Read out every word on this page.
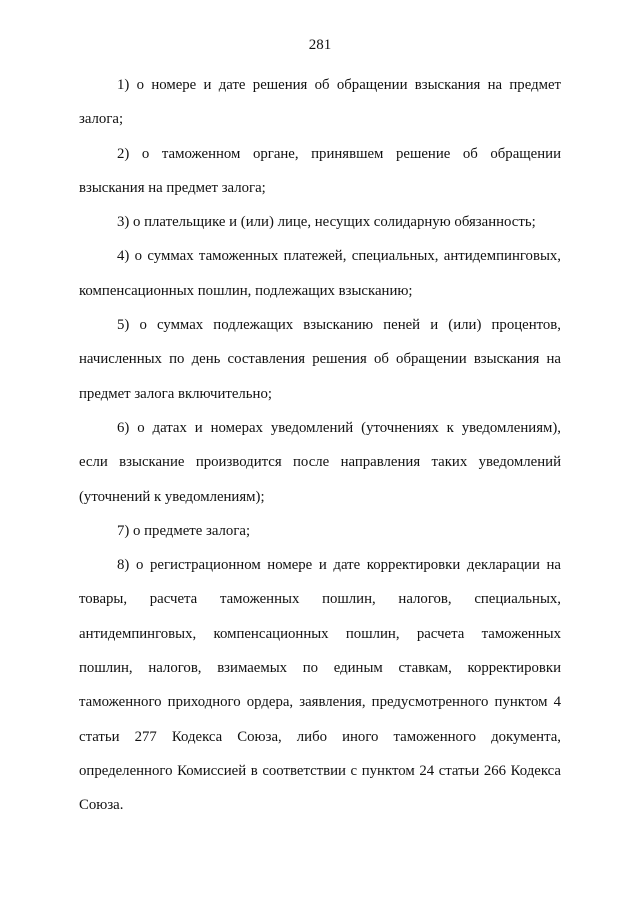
281
1) о номере и дате решения об обращении взыскания на предмет
залога;
2) о таможенном органе, принявшем решение об обращении
взыскания на предмет залога;
3) о плательщике и (или) лице, несущих солидарную обязанность;
4) о суммах таможенных платежей, специальных, антидемпинговых,
компенсационных пошлин, подлежащих взысканию;
5) о суммах подлежащих взысканию пеней и (или) процентов,
начисленных по день составления решения об обращении взыскания на
предмет залога включительно;
6) о датах и номерах уведомлений (уточнениях к уведомлениям),
если взыскание производится после направления таких уведомлений
(уточнений к уведомлениям);
7) о предмете залога;
8) о регистрационном номере и дате корректировки декларации на
товары, расчета таможенных пошлин, налогов, специальных,
антидемпинговых, компенсационных пошлин, расчета таможенных
пошлин, налогов, взимаемых по единым ставкам, корректировки
таможенного приходного ордера, заявления, предусмотренного пунктом 4
статьи 277 Кодекса Союза, либо иного таможенного документа,
определенного Комиссией в соответствии с пунктом 24 статьи 266 Кодекса
Союза.
